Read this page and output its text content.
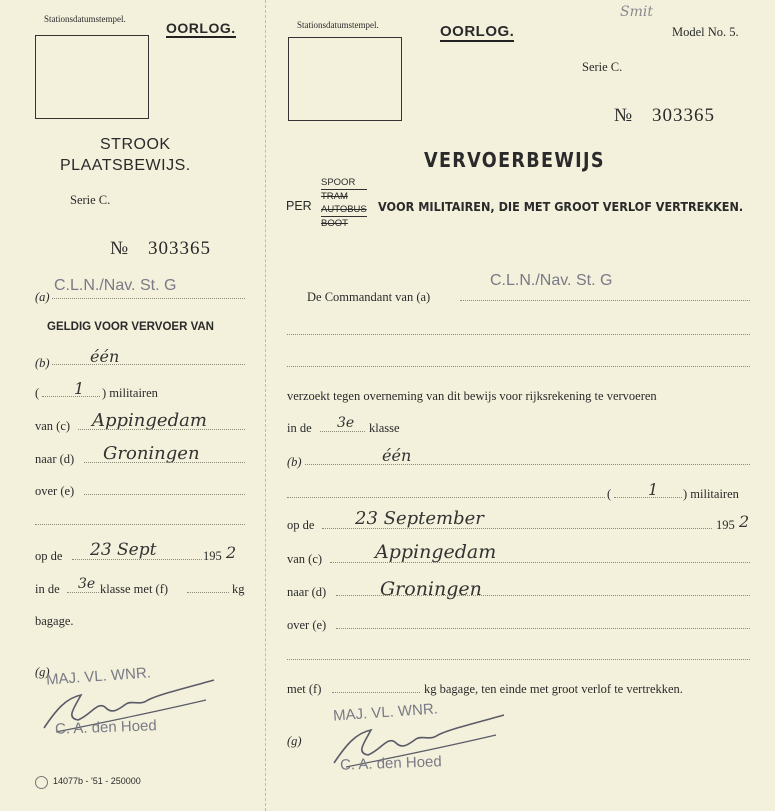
Stationsdatumstempel.
OORLOG.
STROOK
PLAATSBEWIJS.
Serie C.
№ 303365
(a)
C.L.N./Nav. St. G
GELDIG VOOR VERVOER VAN
(b)	één
( 1 ) militairen
van (c) Appingedam
naar (d) Groningen
over (e)
op de 23 Sept	195 2
in de 3e klasse met (f)	kg
bagage.
(g)
MAJ. VL. WNR.
C. A. den Hoed
14077b - '51 - 250000
Stationsdatumstempel.	OORLOG.
Smit
Model No. 5.
Serie C.
№ 303365
VERVOERBEWIJS
PER
SPOOR
TRAM
AUTOBUS
BOOT
VOOR MILITAIREN, DIE MET GROOT VERLOF VERTREKKEN.
De Commandant van (a)
C.L.N./Nav. St. G
verzoekt tegen overneming van dit bewijs voor rijksrekening te vervoeren
in de 3e klasse
(b)	één
( 1 ) militairen
op de 23 September	195 2
van (c)	Appingedam
naar (d)	Groningen
over (e)
met (f)	kg bagage, ten einde met groot verlof te vertrekken.
(g)
MAJ. VL. WNR.
C. A. den Hoed
